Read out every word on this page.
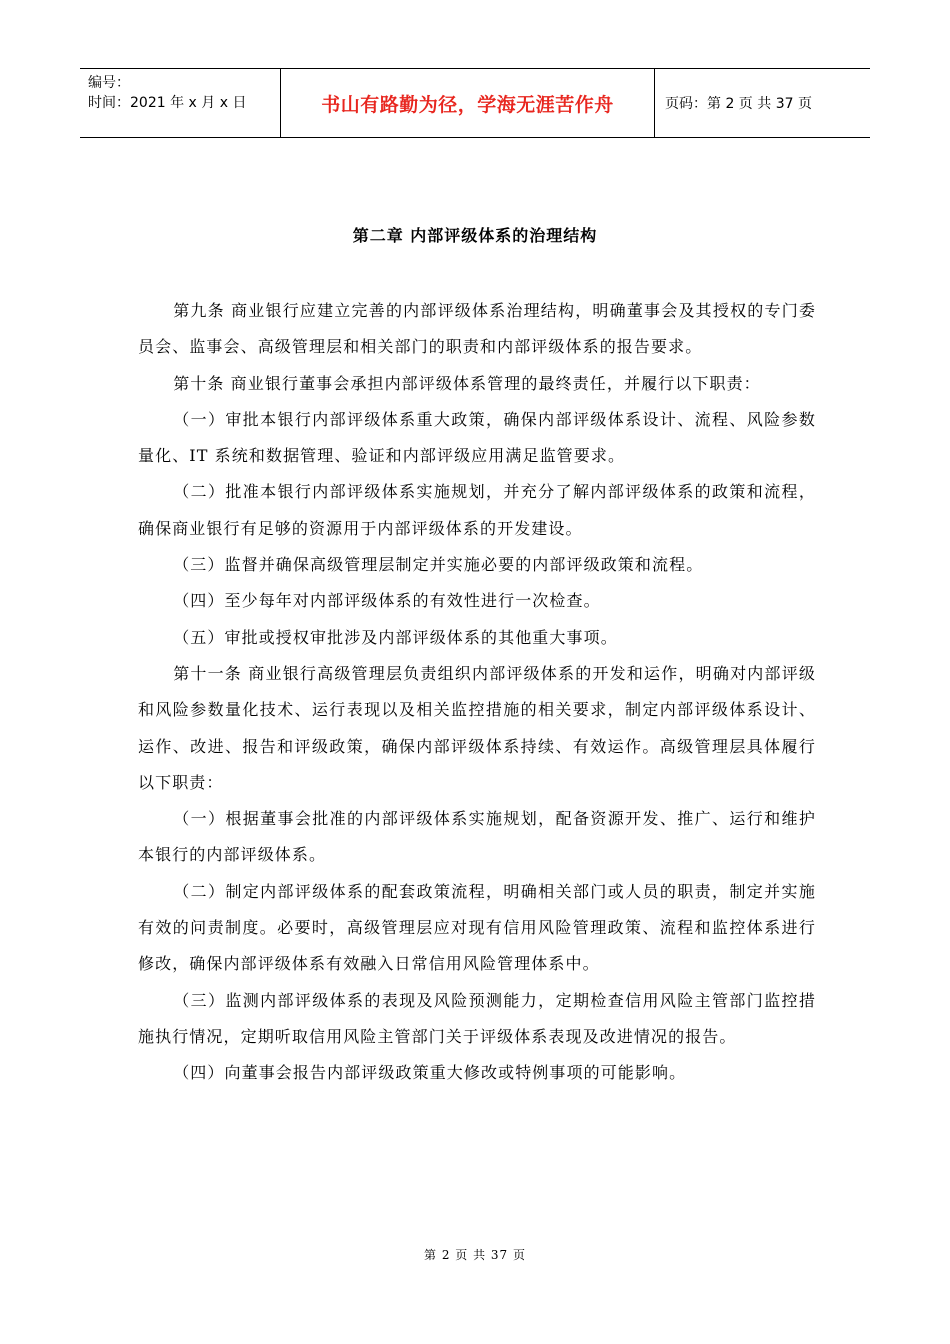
编号：
时间：2021 年 x 月 x 日	书山有路勤为径，学海无涯苦作舟	页码：第 2 页 共 37 页
第二章 内部评级体系的治理结构

第九条 商业银行应建立完善的内部评级体系治理结构，明确董事会及其授权的专门委员会、监事会、高级管理层和相关部门的职责和内部评级体系的报告要求。

第十条 商业银行董事会承担内部评级体系管理的最终责任，并履行以下职责：

（一）审批本银行内部评级体系重大政策，确保内部评级体系设计、流程、风险参数量化、IT 系统和数据管理、验证和内部评级应用满足监管要求。

（二）批准本银行内部评级体系实施规划，并充分了解内部评级体系的政策和流程，确保商业银行有足够的资源用于内部评级体系的开发建设。

（三）监督并确保高级管理层制定并实施必要的内部评级政策和流程。

（四）至少每年对内部评级体系的有效性进行一次检查。

（五）审批或授权审批涉及内部评级体系的其他重大事项。

第十一条 商业银行高级管理层负责组织内部评级体系的开发和运作，明确对内部评级和风险参数量化技术、运行表现以及相关监控措施的相关要求，制定内部评级体系设计、运作、改进、报告和评级政策，确保内部评级体系持续、有效运作。高级管理层具体履行以下职责：

（一）根据董事会批准的内部评级体系实施规划，配备资源开发、推广、运行和维护本银行的内部评级体系。

（二）制定内部评级体系的配套政策流程，明确相关部门或人员的职责，制定并实施有效的问责制度。必要时，高级管理层应对现有信用风险管理政策、流程和监控体系进行修改，确保内部评级体系有效融入日常信用风险管理体系中。

（三）监测内部评级体系的表现及风险预测能力，定期检查信用风险主管部门监控措施执行情况，定期听取信用风险主管部门关于评级体系表现及改进情况的报告。

（四）向董事会报告内部评级政策重大修改或特例事项的可能影响。

第 2 页 共 37 页
